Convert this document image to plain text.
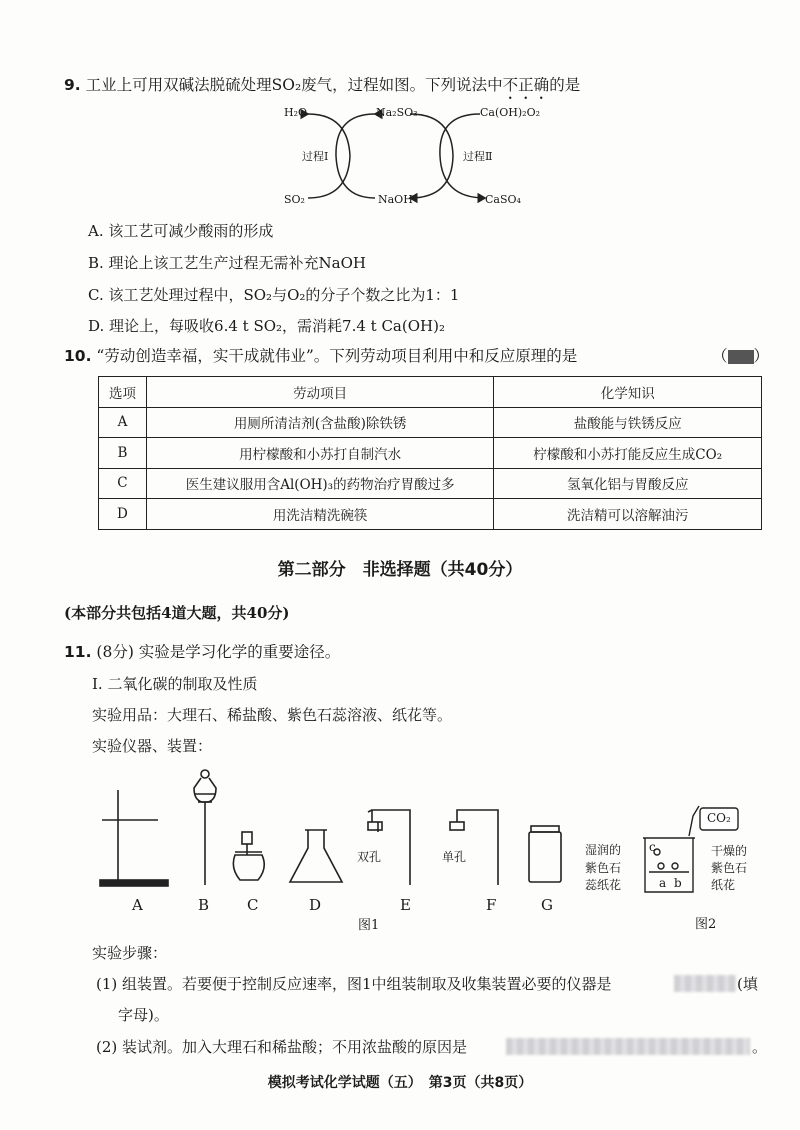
9. 工业上可用双碱法脱硫处理SO₂废气，过程如图。下列说法中不正确的是
H₂O	Na₂SO₃	Ca(OH)₂O₂
过程Ⅰ	过程Ⅱ
SO₂	NaOH	CaSO₄
A. 该工艺可减少酸雨的形成
B. 理论上该工艺生产过程无需补充NaOH
C. 该工艺处理过程中，SO₂与O₂的分子个数之比为1：1
D. 理论上，每吸收6.4 t SO₂，需消耗7.4 t Ca(OH)₂
10. “劳动创造幸福，实干成就伟业”。下列劳动项目利用中和反应原理的是	（ ）
选项	劳动项目	化学知识
A	用厕所清洁剂(含盐酸)除铁锈	盐酸能与铁锈反应
B	用柠檬酸和小苏打自制汽水	柠檬酸和小苏打能反应生成CO₂
C	医生建议服用含Al(OH)₃的药物治疗胃酸过多	氢氧化铝与胃酸反应
D	用洗洁精洗碗筷	洗洁精可以溶解油污
第二部分　非选择题（共40分）
(本部分共包括4道大题，共40分)
11. (8分) 实验是学习化学的重要途径。
Ⅰ. 二氧化碳的制取及性质
实验用品：大理石、稀盐酸、紫色石蕊溶液、纸花等。
实验仪器、装置：
双孔	单孔
A	B	C	D	E	F	G
图1
CO₂
湿润的
紫色石
蕊纸花
干燥的
紫色石
纸花
c
a b
图2
实验步骤：
(1) 组装置。若要便于控制反应速率，图1中组装制取及收集装置必要的仪器是	(填
字母)。
(2) 装试剂。加入大理石和稀盐酸；不用浓盐酸的原因是	。
模拟考试化学试题（五）　第3页（共8页）
